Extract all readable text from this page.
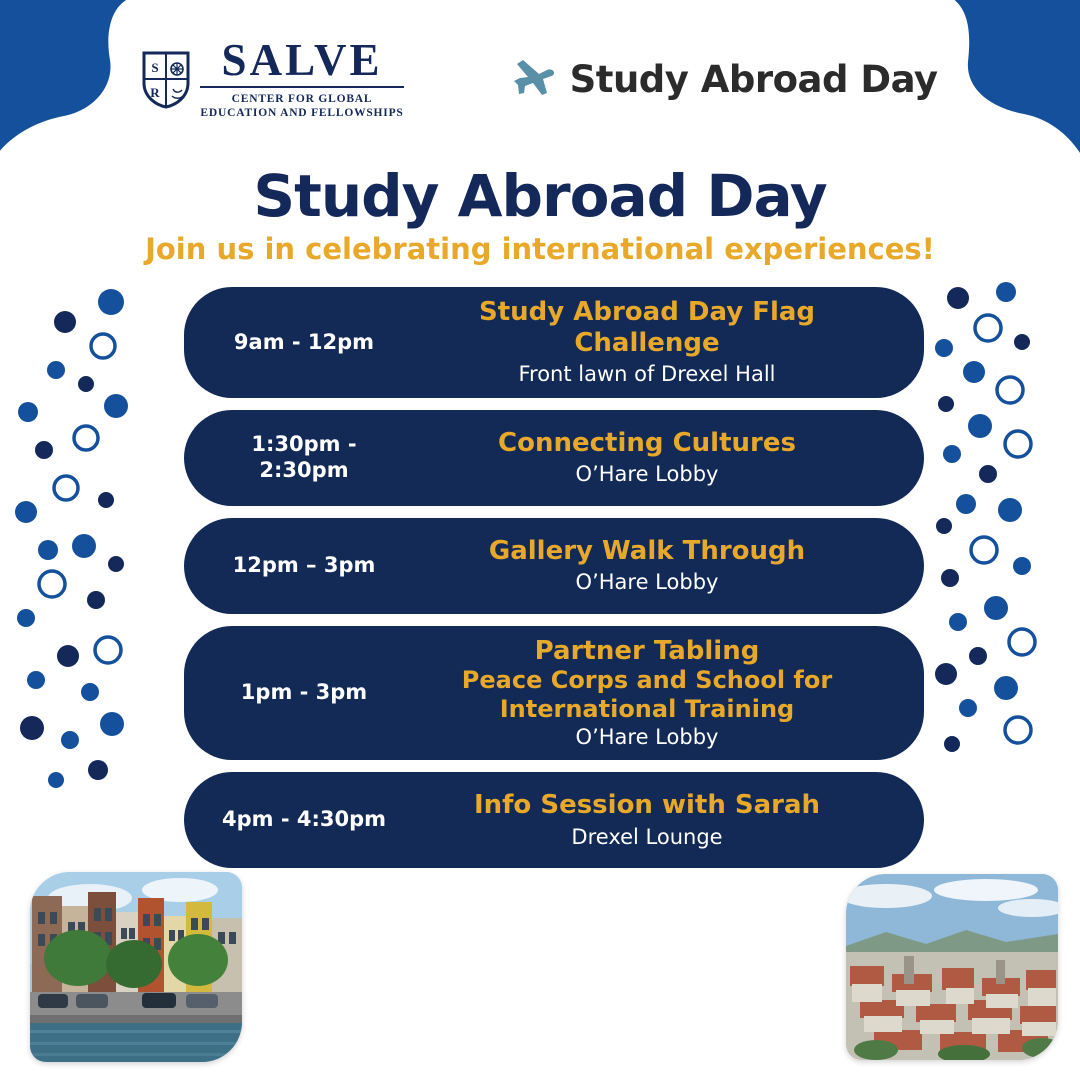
S
R
SALVE
CENTER FOR GLOBAL
EDUCATION AND FELLOWSHIPS
Study Abroad Day
Study Abroad Day
Join us in celebrating international experiences!
9am - 12pm
Study Abroad Day Flag Challenge
Front lawn of Drexel Hall
1:30pm - 2:30pm
Connecting Cultures
O’Hare Lobby
12pm – 3pm	Gallery Walk Through
O’Hare Lobby
1pm - 3pm
Partner Tabling
Peace Corps and School for International Training
O’Hare Lobby
4pm - 4:30pm	Info Session with Sarah
Drexel Lounge
